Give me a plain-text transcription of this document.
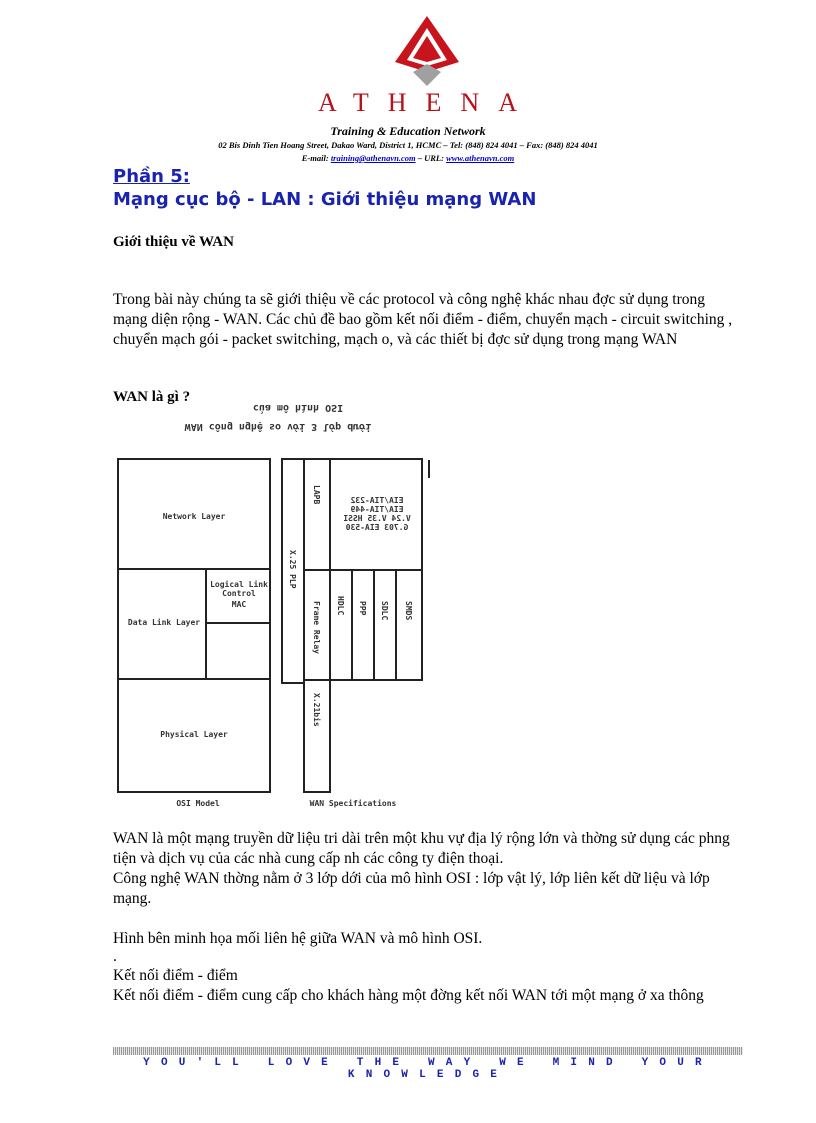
ATHENA
Training & Education Network
02 Bis Dinh Tien Hoang Street, Dakao Ward, District 1, HCMC – Tel: (848) 824 4041 – Fax: (848) 824 4041
E-mail: training@athenavn.com – URL: www.athenavn.com
Phần 5:
Mạng cục bộ - LAN : Giới thiệu mạng WAN
Giới thiệu về WAN
Trong bài này chúng ta sẽ giới thiệu về các protocol và công nghệ khác nhau đợc sử dụng trong mạng diện rộng - WAN. Các chủ đề bao gồm kết nối điểm - điểm, chuyển mạch - circuit switching , chuyển mạch gói - packet switching, mạch o, và các thiết bị đợc sử dụng trong mạng WAN
WAN là gì ?
của mô hình OSI
WAN công nghệ so với 3 lớp dưới
Network Layer
Data Link Layer
Logical Link Control
MAC
Physical Layer
OSI Model
X.25 PLP
LAPB	EIA/TIA-232 EIA/TIA-449 V.24 V.35 HSSI G.703 EIA-530
Frame Relay HDLC PPP SDLC SMDS
X.21bis
WAN Specifications
WAN là một mạng truyền dữ liệu tri dài trên một khu vự địa lý rộng lớn và thờng sử dụng các phng tiện và dịch vụ của các nhà cung cấp nh các công ty điện thoại.
Công nghệ WAN thờng nằm ở 3 lớp dới của mô hình OSI : lớp vật lý, lớp liên kết dữ liệu và lớp mạng.
Hình bên minh họa mối liên hệ giữa WAN và mô hình OSI.
.
Kết nối điểm - điểm
Kết nối điểm - điểm cung cấp cho khách hàng một đờng kết nối WAN tới một mạng ở xa thông
YOU'LL LOVE THE WAY WE MIND YOUR KNOWLEDGE
